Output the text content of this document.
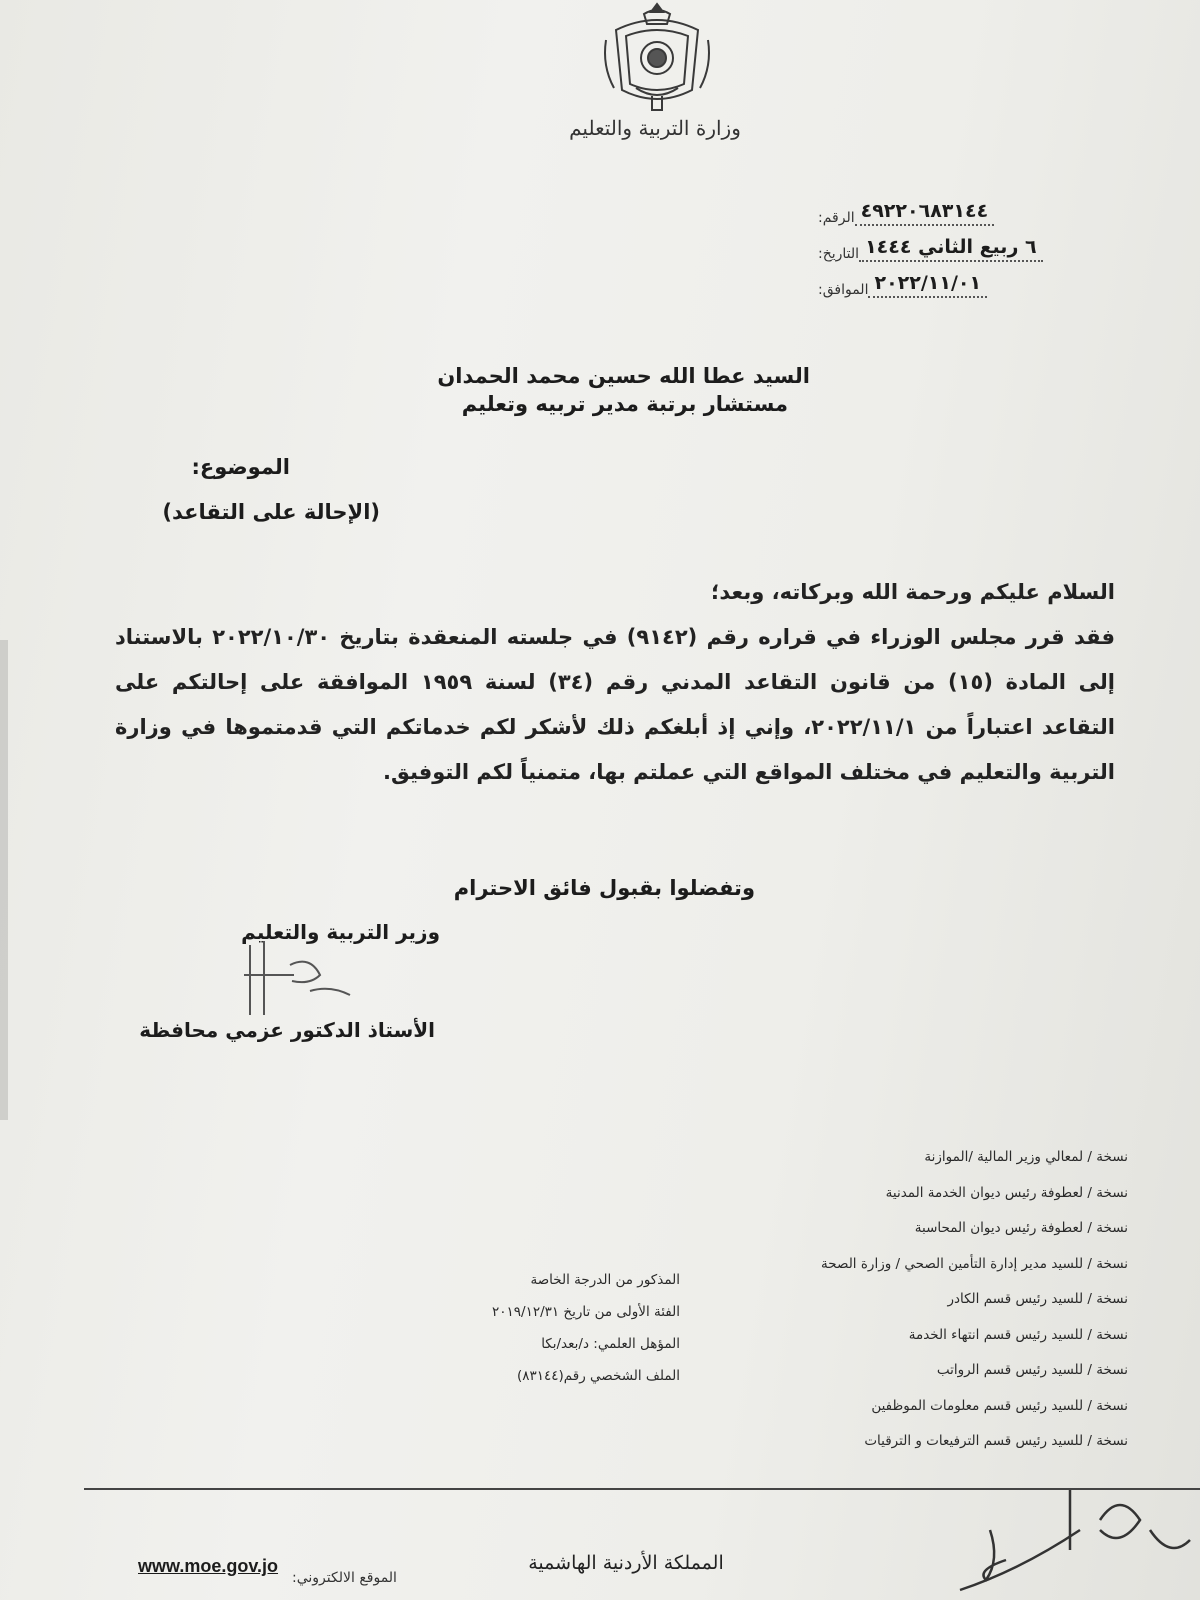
وزارة التربية والتعليم
الرقم: ٤٩٢٢٠٦٨٣١٤٤
التاريخ: ٦ ربيع الثاني ١٤٤٤
الموافق: ٢٠٢٢/١١/٠١
السيد عطا الله حسين محمد الحمدان
مستشار برتبة مدير تربيه وتعليم
الموضوع:
(الإحالة على التقاعد)
السلام عليكم ورحمة الله وبركاته، وبعد؛
فقد قرر مجلس الوزراء في قراره رقم (٩١٤٢) في جلسته المنعقدة بتاريخ ٢٠٢٢/١٠/٣٠ بالاستناد إلى المادة (١٥) من قانون التقاعد المدني رقم (٣٤) لسنة ١٩٥٩ الموافقة على إحالتكم على التقاعد اعتباراً من ٢٠٢٢/١١/١، وإني إذ أبلغكم ذلك لأشكر لكم خدماتكم التي قدمتموها في وزارة التربية والتعليم في مختلف المواقع التي عملتم بها، متمنياً لكم التوفيق.
وتفضلوا بقبول فائق الاحترام
وزير التربية والتعليم
الأستاذ الدكتور عزمي محافظة
نسخة / لمعالي وزير المالية /الموازنة
نسخة / لعطوفة رئيس ديوان الخدمة المدنية
نسخة / لعطوفة رئيس ديوان المحاسبة
نسخة / للسيد مدير إدارة التأمين الصحي / وزارة الصحة
نسخة / للسيد رئيس قسم الكادر
نسخة / للسيد رئيس قسم انتهاء الخدمة
نسخة / للسيد رئيس قسم الرواتب
نسخة / للسيد رئيس قسم معلومات الموظفين
نسخة / للسيد رئيس قسم الترفيعات و الترقيات
المذكور من الدرجة الخاصة
الفئة الأولى من تاريخ ٢٠١٩/١٢/٣١
المؤهل العلمي: د/بعد/بكا
الملف الشخصي رقم(٨٣١٤٤)
المملكة الأردنية الهاشمية
الموقع الالكتروني:
www.moe.gov.jo
